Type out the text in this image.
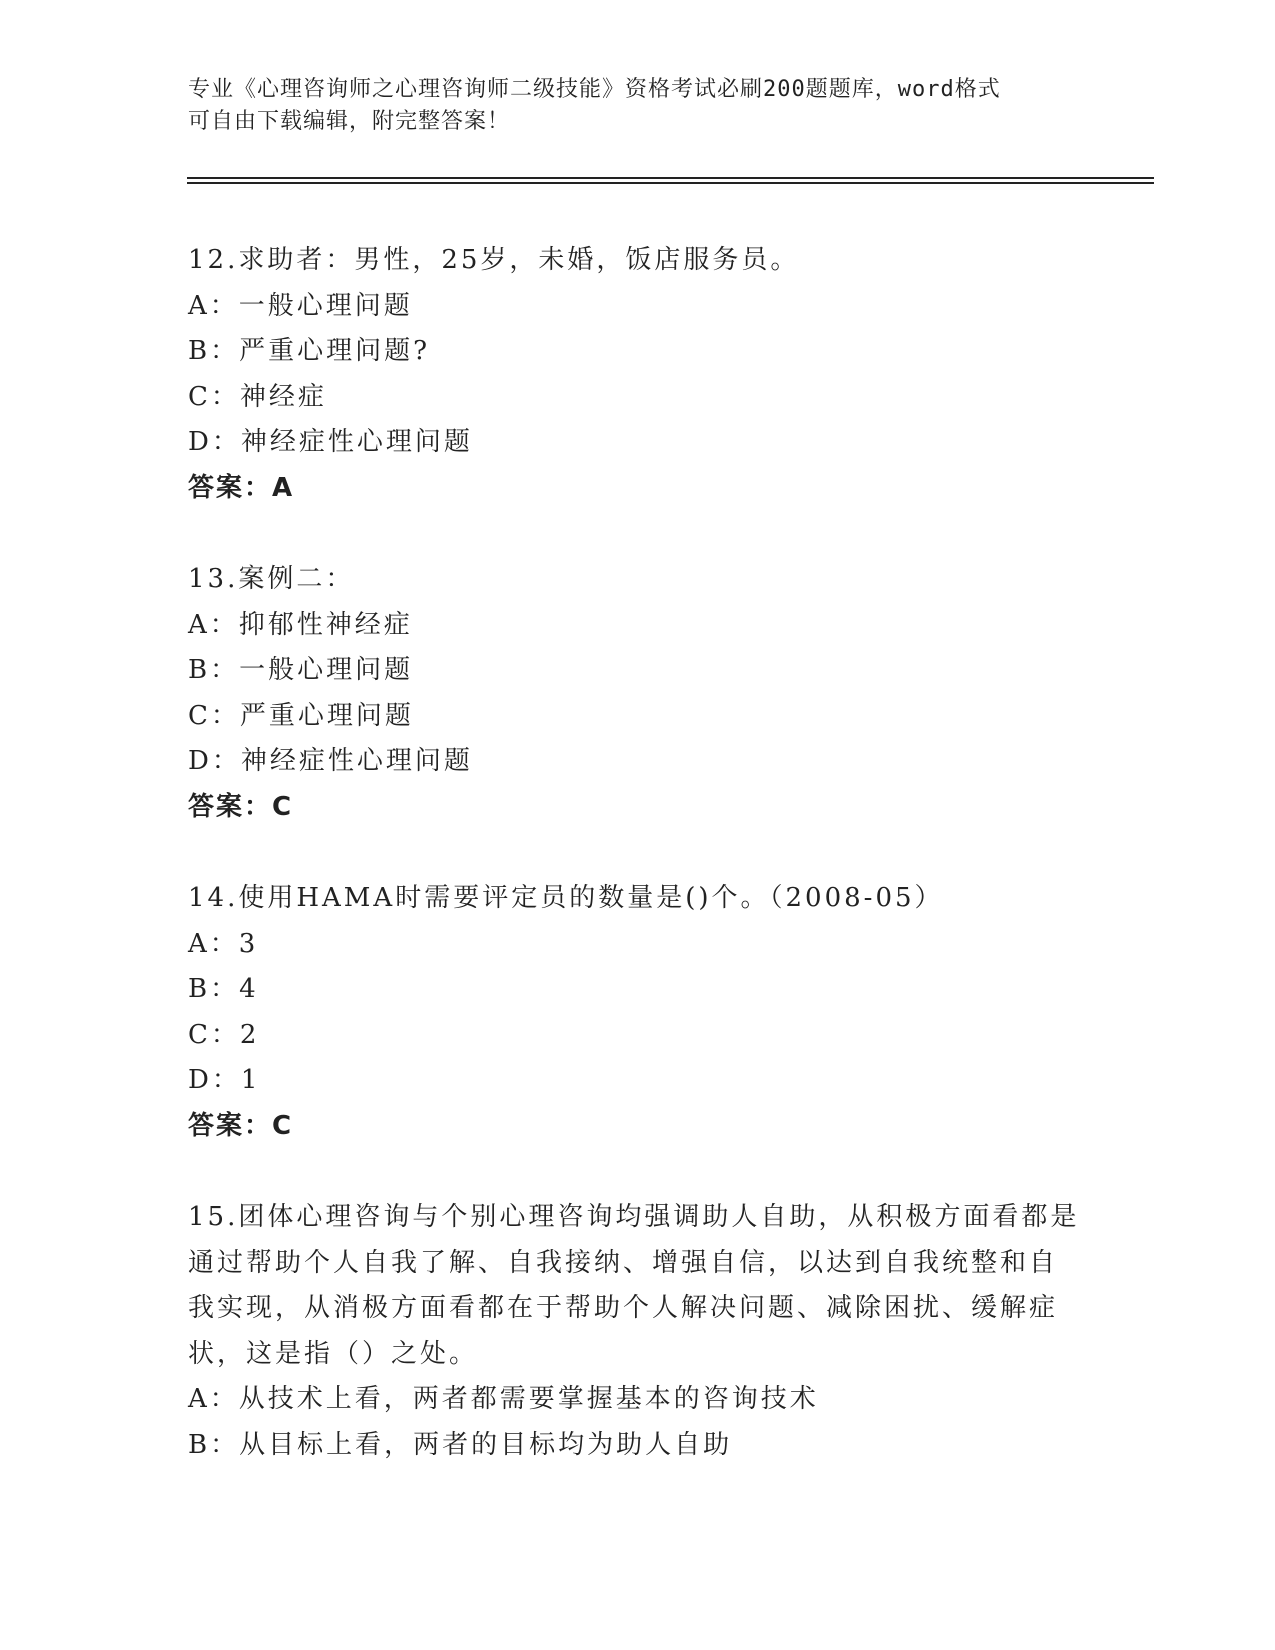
专业《心理咨询师之心理咨询师二级技能》资格考试必刷200题题库，word格式
可自由下载编辑，附完整答案！
12.求助者：男性，25岁，未婚，饭店服务员。
A：一般心理问题
B：严重心理问题?
C：神经症
D：神经症性心理问题
答案：A
13.案例二：
A：抑郁性神经症
B：一般心理问题
C：严重心理问题
D：神经症性心理问题
答案：C
14.使用HAMA时需要评定员的数量是()个。（2008-05）
A：3
B：4
C：2
D：1
答案：C
15.团体心理咨询与个别心理咨询均强调助人自助，从积极方面看都是
通过帮助个人自我了解、自我接纳、增强自信，以达到自我统整和自
我实现，从消极方面看都在于帮助个人解决问题、减除困扰、缓解症
状，这是指（）之处。
A：从技术上看，两者都需要掌握基本的咨询技术
B：从目标上看，两者的目标均为助人自助
